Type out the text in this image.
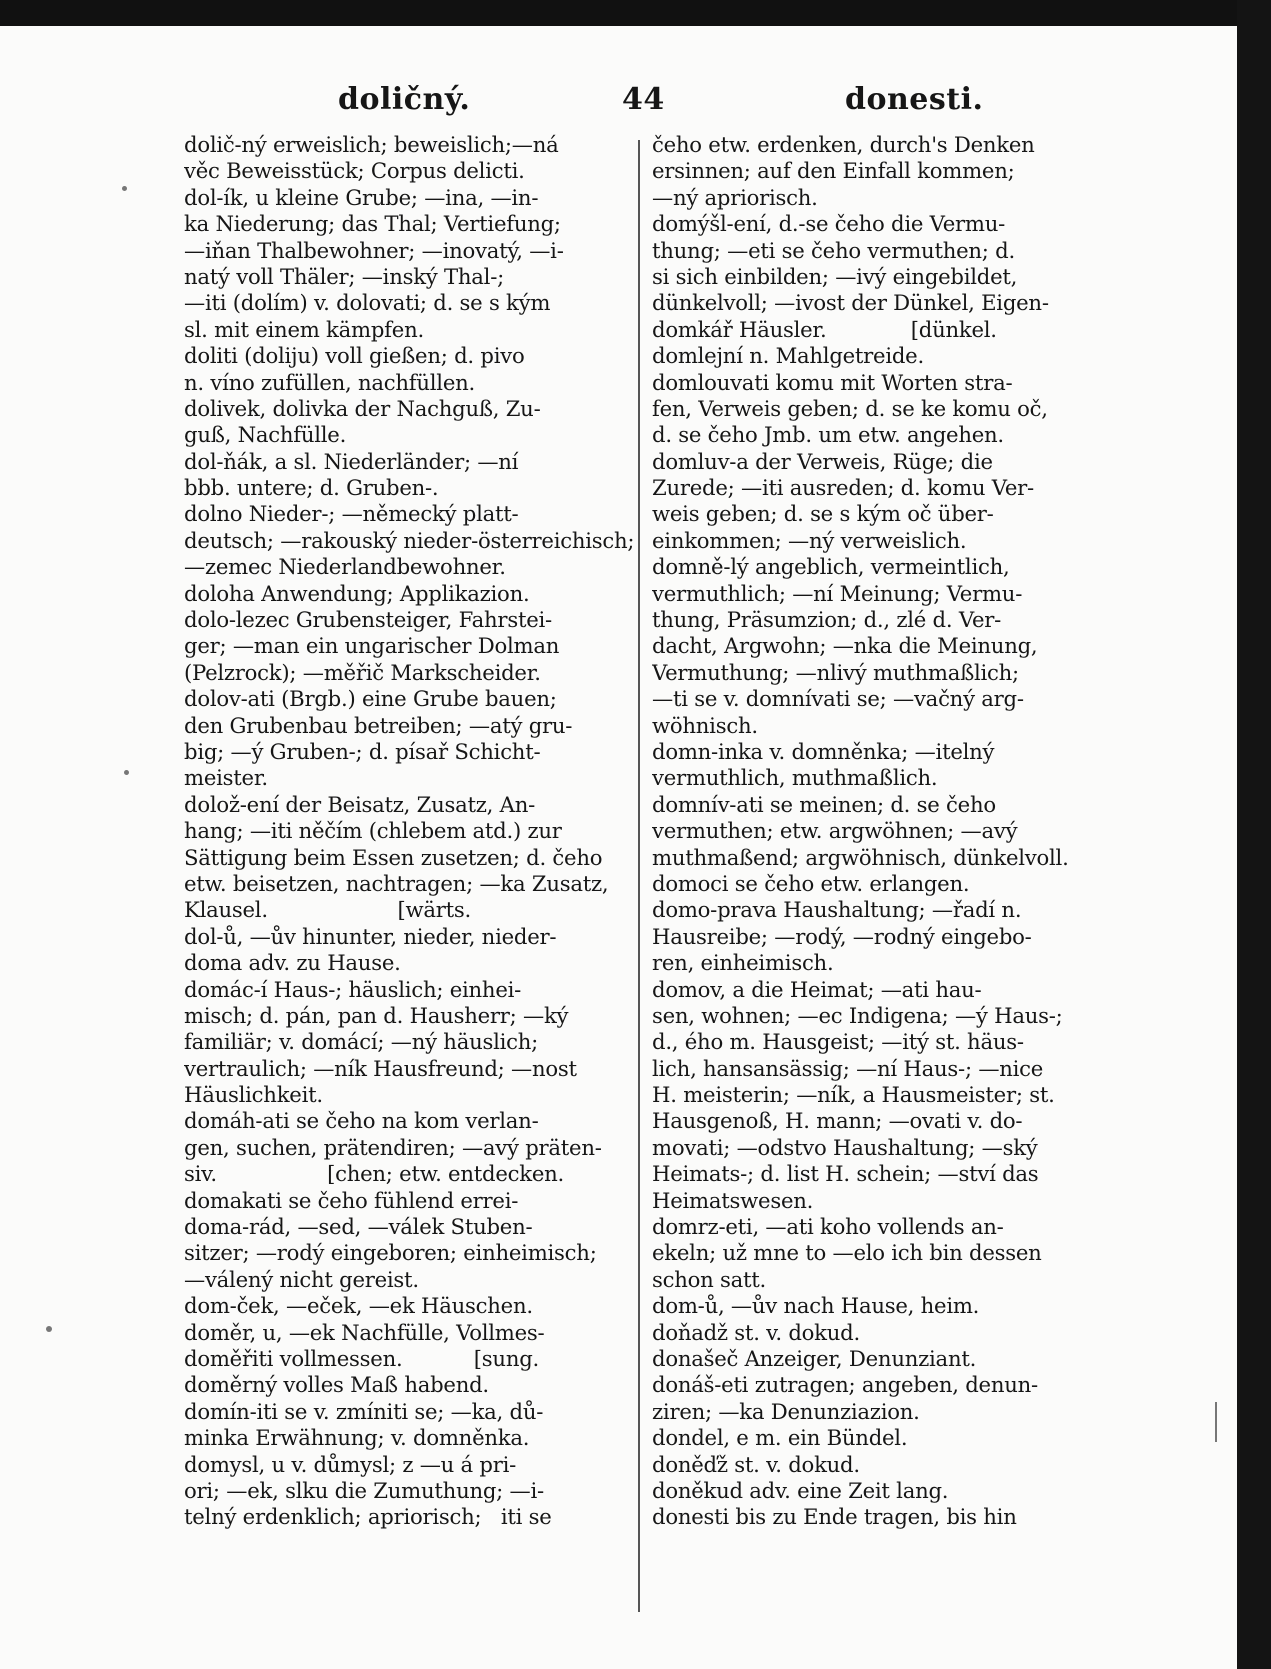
doličný.	44	donesti.
dolič-ný erweislich; beweislich;—ná
věc Beweisstück; Corpus delicti.
dol-ík, u kleine Grube; —ina, —in-
ka Niederung; das Thal; Vertiefung;
—iňan Thalbewohner; —inovatý, —i-
natý voll Thäler; —inský Thal-;
—iti (dolím) v. dolovati; d. se s kým
sl. mit einem kämpfen.
doliti (doliju) voll gießen; d. pivo
n. víno zufüllen, nachfüllen.
dolivek, dolivka der Nachguß, Zu-
guß, Nachfülle.
dol-ňák, a sl. Niederländer; —ní
bbb. untere; d. Gruben-.
dolno Nieder-; —německý platt-
deutsch; —rakouský nieder-österreichisch;
—zemec Niederlandbewohner.
doloha Anwendung; Applikazion.
dolo-lezec Grubensteiger, Fahrstei-
ger; —man ein ungarischer Dolman
(Pelzrock); —měřič Markscheider.
dolov-ati (Brgb.) eine Grube bauen;
den Grubenbau betreiben; —atý gru-
big; —ý Gruben-; d. písař Schicht-
meister.
dolož-ení der Beisatz, Zusatz, An-
hang; —iti něčím (chlebem atd.) zur
Sättigung beim Essen zusetzen; d. čeho
etw. beisetzen, nachtragen; —ka Zusatz,
Klausel.                    [wärts.
dol-ů, —ův hinunter, nieder, nieder-
doma adv. zu Hause.
domác-í Haus-; häuslich; einhei-
misch; d. pán, pan d. Hausherr; —ký
familiär; v. domácí; —ný häuslich;
vertraulich; —ník Hausfreund; —nost
Häuslichkeit.
domáh-ati se čeho na kom verlan-
gen, suchen, prätendiren; —avý präten-
siv.                 [chen; etw. entdecken.
domakati se čeho fühlend errei-
doma-rád, —sed, —válek Stuben-
sitzer; —rodý eingeboren; einheimisch;
—válený nicht gereist.
dom-ček, —eček, —ek Häuschen.
doměr, u, —ek Nachfülle, Vollmes-
doměřiti vollmessen.           [sung.
doměrný volles Maß habend.
domín-iti se v. zmíniti se; —ka, dů-
minka Erwähnung; v. domněnka.
domysl, u v. důmysl; z —u á pri-
ori; —ek, slku die Zumuthung; —i-
telný erdenklich; apriorisch;   iti se
čeho etw. erdenken, durch's Denken
ersinnen; auf den Einfall kommen;
—ný apriorisch.
domýšl-ení, d.-se čeho die Vermu-
thung; —eti se čeho vermuthen; d.
si sich einbilden; —ivý eingebildet,
dünkelvoll; —ivost der Dünkel, Eigen-
domkář Häusler.             [dünkel.
domlejní n. Mahlgetreide.
domlouvati komu mit Worten stra-
fen, Verweis geben; d. se ke komu oč,
d. se čeho Jmb. um etw. angehen.
domluv-a der Verweis, Rüge; die
Zurede; —iti ausreden; d. komu Ver-
weis geben; d. se s kým oč über-
einkommen; —ný verweislich.
domně-lý angeblich, vermeintlich,
vermuthlich; —ní Meinung; Vermu-
thung, Präsumzion; d., zlé d. Ver-
dacht, Argwohn; —nka die Meinung,
Vermuthung; —nlivý muthmaßlich;
—ti se v. domnívati se; —vačný arg-
wöhnisch.
domn-inka v. domněnka; —itelný
vermuthlich, muthmaßlich.
domnív-ati se meinen; d. se čeho
vermuthen; etw. argwöhnen; —avý
muthmaßend; argwöhnisch, dünkelvoll.
domoci se čeho etw. erlangen.
domo-prava Haushaltung; —řadí n.
Hausreibe; —rodý, —rodný eingebo-
ren, einheimisch.
domov, a die Heimat; —ati hau-
sen, wohnen; —ec Indigena; —ý Haus-;
d., ého m. Hausgeist; —itý st. häus-
lich, hansansässig; —ní Haus-; —nice
H. meisterin; —ník, a Hausmeister; st.
Hausgenoß, H. mann; —ovati v. do-
movati; —odstvo Haushaltung; —ský
Heimats-; d. list H. schein; —ství das
Heimatswesen.
domrz-eti, —ati koho vollends an-
ekeln; už mne to —elo ich bin dessen
schon satt.
dom-ů, —ův nach Hause, heim.
doňadž st. v. dokud.
donašeč Anzeiger, Denunziant.
donáš-eti zutragen; angeben, denun-
ziren; —ka Denunziazion.
dondel, e m. ein Bündel.
doněďž st. v. dokud.
doněkud adv. eine Zeit lang.
donesti bis zu Ende tragen, bis hin
